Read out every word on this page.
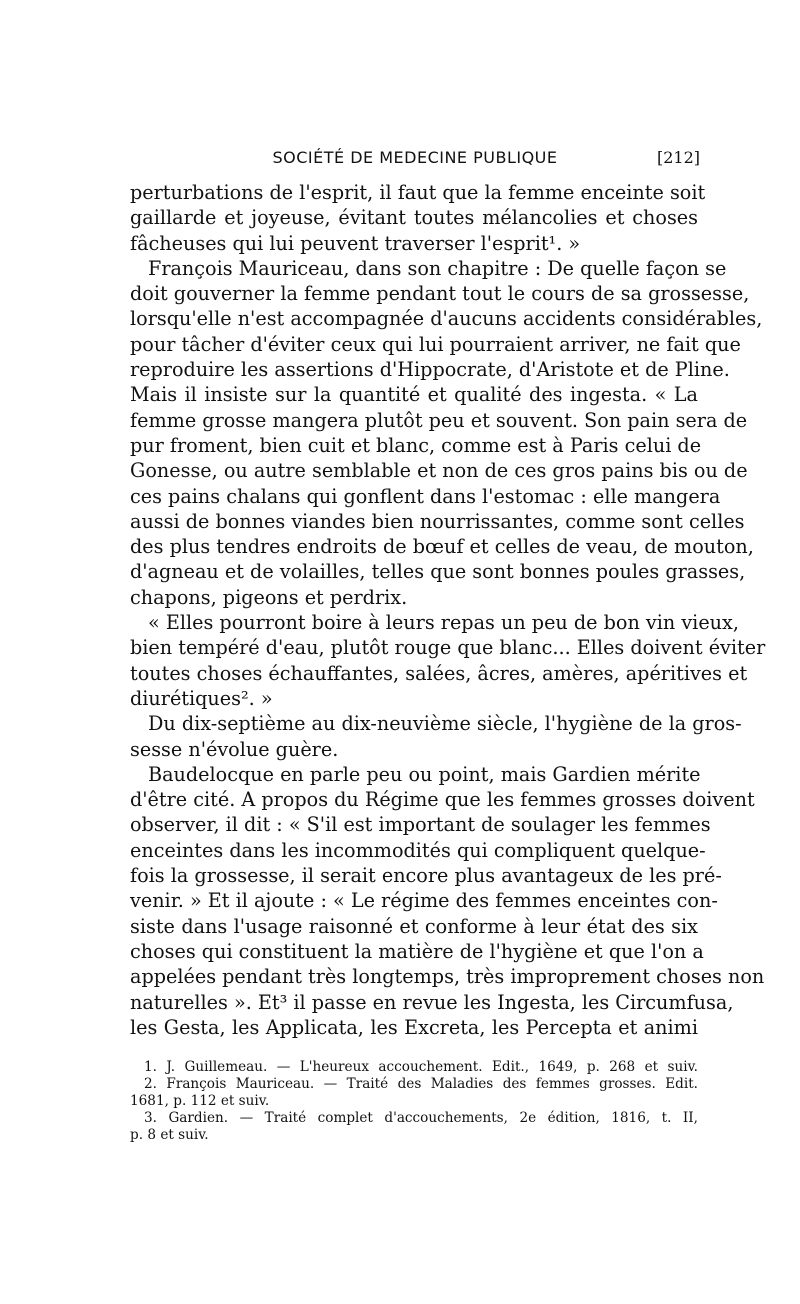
SOCIÉTÉ DE MEDECINE PUBLIQUE	[212]
perturbations de l'esprit, il faut que la femme enceinte soit
gaillarde et joyeuse, évitant toutes mélancolies et choses
fâcheuses qui lui peuvent traverser l'esprit¹. »
François Mauriceau, dans son chapitre : De quelle façon se
doit gouverner la femme pendant tout le cours de sa grossesse,
lorsqu'elle n'est accompagnée d'aucuns accidents considérables,
pour tâcher d'éviter ceux qui lui pourraient arriver, ne fait que
reproduire les assertions d'Hippocrate, d'Aristote et de Pline.
Mais il insiste sur la quantité et qualité des ingesta. « La
femme grosse mangera plutôt peu et souvent. Son pain sera de
pur froment, bien cuit et blanc, comme est à Paris celui de
Gonesse, ou autre semblable et non de ces gros pains bis ou de
ces pains chalans qui gonflent dans l'estomac : elle mangera
aussi de bonnes viandes bien nourrissantes, comme sont celles
des plus tendres endroits de bœuf et celles de veau, de mouton,
d'agneau et de volailles, telles que sont bonnes poules grasses,
chapons, pigeons et perdrix.
« Elles pourront boire à leurs repas un peu de bon vin vieux,
bien tempéré d'eau, plutôt rouge que blanc... Elles doivent éviter
toutes choses échauffantes, salées, âcres, amères, apéritives et
diurétiques². »
Du dix-septième au dix-neuvième siècle, l'hygiène de la gros-
sesse n'évolue guère.
Baudelocque en parle peu ou point, mais Gardien mérite
d'être cité. A propos du Régime que les femmes grosses doivent
observer, il dit : « S'il est important de soulager les femmes
enceintes dans les incommodités qui compliquent quelque-
fois la grossesse, il serait encore plus avantageux de les pré-
venir. » Et il ajoute : « Le régime des femmes enceintes con-
siste dans l'usage raisonné et conforme à leur état des six
choses qui constituent la matière de l'hygiène et que l'on a
appelées pendant très longtemps, très improprement choses non
naturelles ». Et³ il passe en revue les Ingesta, les Circumfusa,
les Gesta, les Applicata, les Excreta, les Percepta et animi
1. J. Guillemeau. — L'heureux accouchement. Edit., 1649, p. 268 et suiv.
2. François Mauriceau. — Traité des Maladies des femmes grosses. Edit.
1681, p. 112 et suiv.
3. Gardien. — Traité complet d'accouchements, 2e édition, 1816, t. II,
p. 8 et suiv.
